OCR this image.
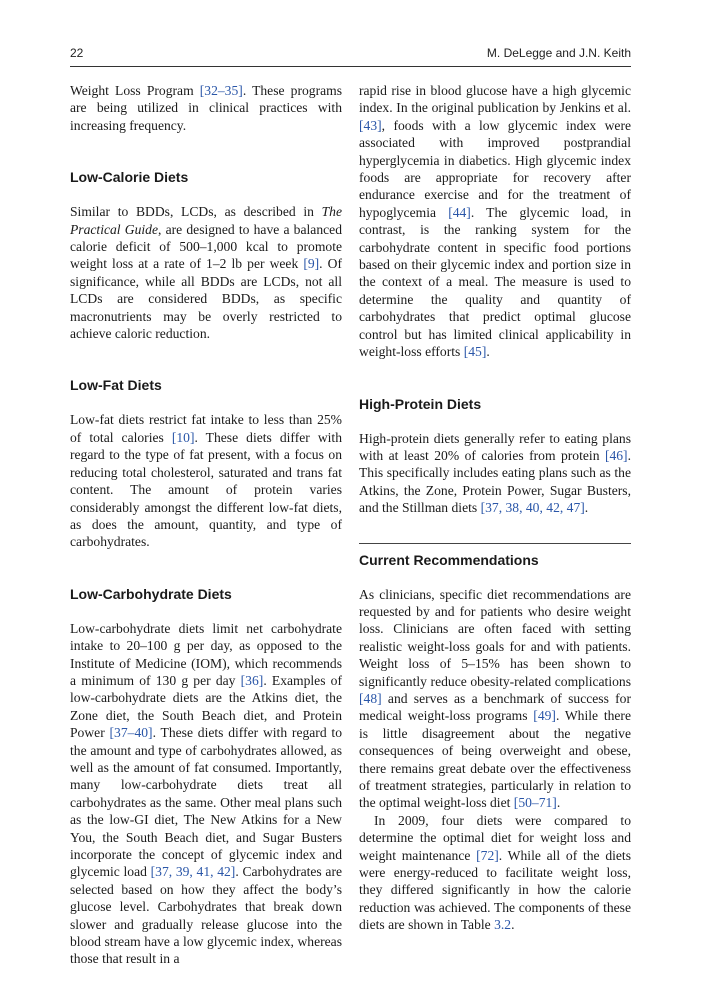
22	M. DeLegge and J.N. Keith

Weight Loss Program [32–35]. These programs are being utilized in clinical practices with increasing frequency.

Low-Calorie Diets

Similar to BDDs, LCDs, as described in The Practical Guide, are designed to have a balanced calorie deficit of 500–1,000 kcal to promote weight loss at a rate of 1–2 lb per week [9]. Of significance, while all BDDs are LCDs, not all LCDs are considered BDDs, as specific macronutrients may be overly restricted to achieve caloric reduction.

Low-Fat Diets

Low-fat diets restrict fat intake to less than 25% of total calories [10]. These diets differ with regard to the type of fat present, with a focus on reducing total cholesterol, saturated and trans fat content. The amount of protein varies considerably amongst the different low-fat diets, as does the amount, quantity, and type of carbohydrates.

Low-Carbohydrate Diets

Low-carbohydrate diets limit net carbohydrate intake to 20–100 g per day, as opposed to the Institute of Medicine (IOM), which recommends a minimum of 130 g per day [36]. Examples of low-carbohydrate diets are the Atkins diet, the Zone diet, the South Beach diet, and Protein Power [37–40]. These diets differ with regard to the amount and type of carbohydrates allowed, as well as the amount of fat consumed. Importantly, many low-carbohydrate diets treat all carbohydrates as the same. Other meal plans such as the low-GI diet, The New Atkins for a New You, the South Beach diet, and Sugar Busters incorporate the concept of glycemic index and glycemic load [37, 39, 41, 42]. Carbohydrates are selected based on how they affect the body’s glucose level. Carbohydrates that break down slower and gradually release glucose into the blood stream have a low glycemic index, whereas those that result in a

rapid rise in blood glucose have a high glycemic index. In the original publication by Jenkins et al. [43], foods with a low glycemic index were associated with improved postprandial hyperglycemia in diabetics. High glycemic index foods are appropriate for recovery after endurance exercise and for the treatment of hypoglycemia [44]. The glycemic load, in contrast, is the ranking system for the carbohydrate content in specific food portions based on their glycemic index and portion size in the context of a meal. The measure is used to determine the quality and quantity of carbohydrates that predict optimal glucose control but has limited clinical applicability in weight-loss efforts [45].

High-Protein Diets

High-protein diets generally refer to eating plans with at least 20% of calories from protein [46]. This specifically includes eating plans such as the Atkins, the Zone, Protein Power, Sugar Busters, and the Stillman diets [37, 38, 40, 42, 47].

Current Recommendations

As clinicians, specific diet recommendations are requested by and for patients who desire weight loss. Clinicians are often faced with setting realistic weight-loss goals for and with patients. Weight loss of 5–15% has been shown to significantly reduce obesity-related complications [48] and serves as a benchmark of success for medical weight-loss programs [49]. While there is little disagreement about the negative consequences of being overweight and obese, there remains great debate over the effectiveness of treatment strategies, particularly in relation to the optimal weight-loss diet [50–71].

In 2009, four diets were compared to determine the optimal diet for weight loss and weight maintenance [72]. While all of the diets were energy-reduced to facilitate weight loss, they differed significantly in how the calorie reduction was achieved. The components of these diets are shown in Table 3.2.
